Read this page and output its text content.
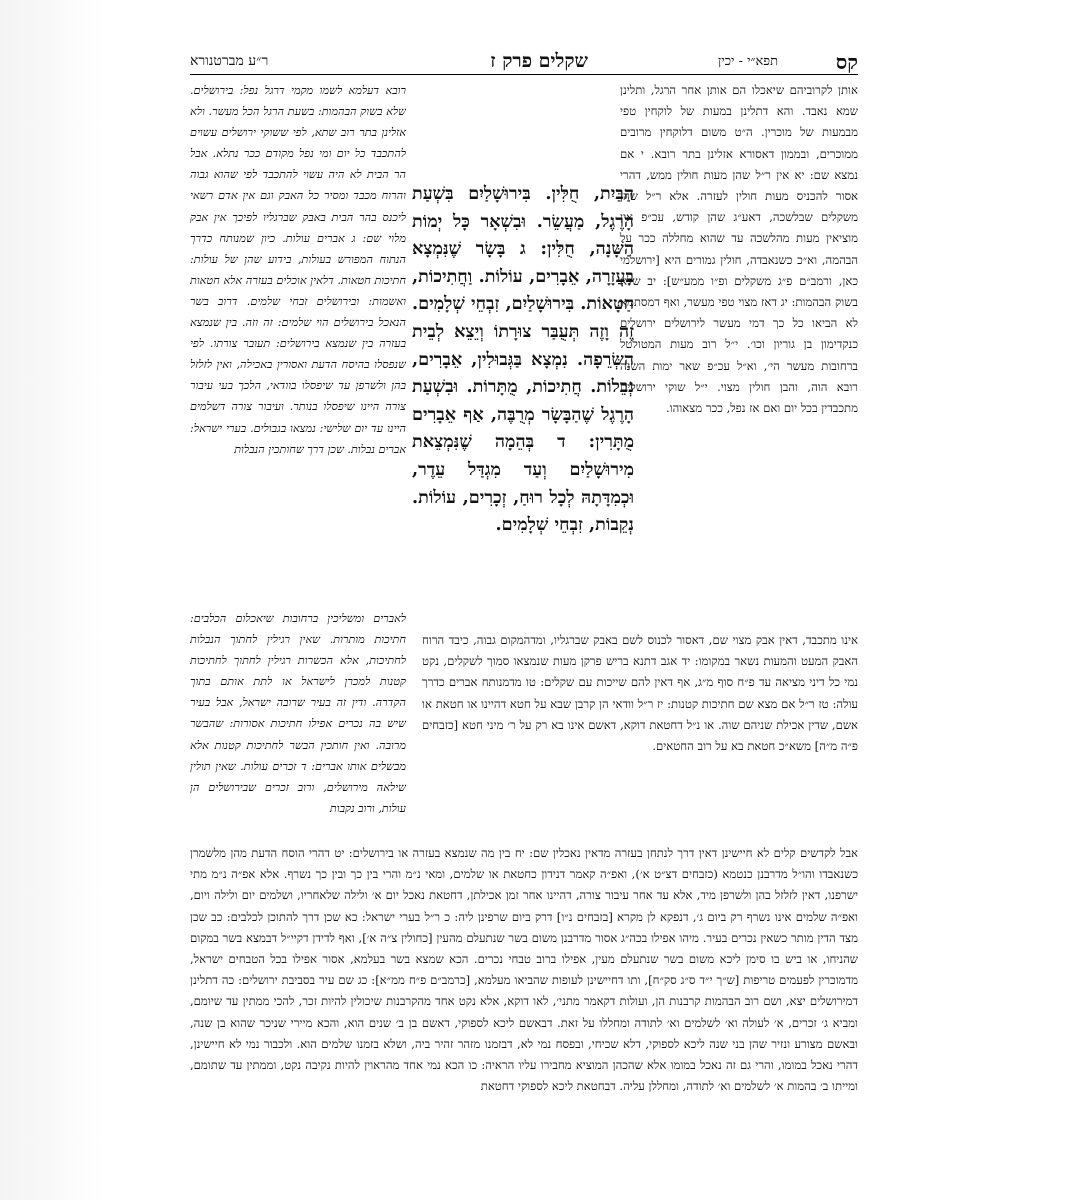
קס
תפא״י - יכין
שקלים פרק ז
ר״ע מברטנורא

אותן לקרוביהם שיאכלו הם אותן אחר הרגל, ותלינן שמא נאבד. והא דתלינן במעות של לוקחין טפי מבמעות של מוכרין. ה״ט משום דלוקחין מרובים ממוכרים, ובממון דאסורא אזלינן בתר רובא. י אם נמצא שם: יא אין ר״ל שהן מעות חולין ממש, דהרי אסור להכניס מעות חולין לעזרה. אלא ר״ל שהן משקלים שבלשכה, דאע״ג שהן קודש, עכ״פ אין מוציאין מעות מהלשכה עד שהוא מחללה ככר על הבהמה, וא״כ כשנאבדה, חולין גמורים היא [ירושלמי כאן, ורמב״ם פ״ג משקלים ופ״ו ממע״ש]: יב שלא בשוק הבהמות: יג דאז מצוי טפי מעשר, ואף דמסתמא לא הביאו כל כך דמי מעשר לירושלים ירושלים כנקדימון בן גוריון וכו׳. י״ל רוב מעות המטולטל ברחובות מעשר הי׳, וא״ל עכ״פ שאר ימות השנה רובא הוה, והבן חולין מצוי. י״ל שוקי ירושלים מתכבדין בכל יום ואם אז נפל, ככר מצאוהו.

רובא דעלמא לשמו מקמי דרגל נפל: בירושלים. שלא בשוק הבהמות: בשעת הרגל הכל מעשר. ולא אזלינן בתר רוב שתא, לפי ששוקי ירושלים עשוים להתכבד כל יום ומי נפל מקודם ככר נתלא. אבל הר הבית לא היה עשוי להתכבד לפי שהוא גבוה והרוח מכבד ומסיר כל האבק וגם אין אדם רשאי ליכנס בהר הבית באבק שברגליו לפיכך אין אבק מלוי שם: ג אברים עולות. כיון שמנותח כדרך הנתוח המפורש בעולות, בידוע שהן של עולות: חתיכות חטאות. דלאין אוכלים בעזרה אלא חטאות ואשמות: ובירושלים זבחי שלמים. דרוב בשר הנאכל בירושלים הוי שלמים: זה וזה. בין שנמצא בעזרה בין שנמצא בירושלים: תעובר צורתו. לפי שנפסלו בהיסח הדעת ואסורין באכילה, ואין לזלזל בהן ולשרפן עד שיפסלו בוודאי, הלכך בעי עיבור צורה היינו שיפסלו בנותר. ועיבור צורה דשלמים היינו עד יום שלישי: נמצאו בגבולים. בערי ישראל: אברים נבלות. שכן דרך שחותכין הנבלות

הַבַּיִת, חֻלִּין. בִּירוּשָׁלַיִם בִּשְׁעַת הָרֶגֶל, מַעֲשֵׂר. וּבִשְׁאָר כָּל יְמוֹת הַשָּׁנָה, חֻלִּין: ג בָּשָׂר שֶׁנִּמְצָא בָעֲזָרָה, אֵבָרִים, עוֹלוֹת. וַחֲתִיכוֹת, חַטָּאוֹת. בִּירוּשָׁלַיִם, זִבְחֵי שְׁלָמִים. זֶה וָזֶה תְּעֻבַּר צוּרָתוֹ וְיֵצֵא לְבֵית הַשְּׂרֵפָה. נִמְצָא בַּגְּבוּלִין, אֵבָרִים, נְבֵלוֹת. חֲתִיכוֹת, מֻתָּרוֹת. וּבִשְׁעַת הָרֶגֶל שֶׁהַבָּשָׂר מְרֻבֶּה, אַף אֵבָרִים מֻתָּרִין: ד בְּהֵמָה שֶׁנִּמְצֵאת מִירוּשָׁלַיִם וְעַד מִגְדַּל עֵדֶר, וּכְמִדָּתָהּ לְכָל רוּחַ, זְכָרִים, עוֹלוֹת. נְקֵבוֹת, זִבְחֵי שְׁלָמִים.

אינו מתכבד, דאין אבק מצוי שם, דאסור לכנוס לשם באבק שברגליו, ומדהמקום גבוה, כיבד הרוח האבק המעט והמעות נשאר במקומו: יד אגב דתנא בריש פרקן מעות שנמצאו סמוך לשקלים, נקט נמי כל דיני מציאה עד פ״ח סוף מ״ג, אף דאין להם שייכות עם שקלים: טו מדמנותח אברים כדרך עולה: טז ר״ל אם מצא שם חתיכות קטנות: יז ר״ל וודאי הן קרבן שבא על חטא דהיינו או חטאת או אשם, שדין אכילת שניהם שוה. או נ״ל דחטאת דוקא, דאשם אינו בא רק על ר׳ מיני חטא [כזבחים פ״ה מ״ה] משא״כ חטאת בא על רוב החטאים.

לאברים ומשליכין ברחובות שיאכלום הכלבים: חתיכות מותרות. שאין רגילין לחתוך הנבלות לחתיכות, אלא הכשרות רגילין לחתוך לחתיכות קטנות למכרן לישראל או לתת אותם בתוך הקדרה. ודין זה בעיר שרובה ישראל, אבל בעיר שיש בה נכרים אפילו חתיכות אסורות: שהבשר מרובה. ואין חותכין הבשר לחתיכות קטנות אלא מבשלים אותו אברים: ד זכרים עולות. שאין תולין שילאה מירושלים, ורוב זכרים שבירושלים הן עולות, ורוב נקבות

אבל לקדשים קלים לא חיישינן דאין דרך לנתחן בעזרה מדאין נאכלין שם: יח בין מה שנמצא בעזרה או בירושלים: יט דהרי הוסח הדעת מהן מלשמרן כשנאבדו והו״ל מדרבנן כנטמא (כזבחים דצ״ט א׳), ואפ״ה קאמר דנידון כחטאת או שלמים, ומאי נ״מ והרי בין כך ובין כך נשרף. אלא אפ״ה נ״מ מתי ישרפנו, דאין לזלזל בהן ולשרפן מיד, אלא עד אחר עיבור צורה, דהיינו אחר זמן אכילתן, דחטאת נאכל יום א׳ ולילה שלאחריו, ושלמים יום ולילה ויום, ואפ״ה שלמים אינו נשרף רק ביום ג׳, דנפקא לן מקרא [בזבחים נ״ו] דרק ביום שרפינן ליה: כ ר״ל בערי ישראל: כא שכן דרך להתוכן לכלבים: כב שכן מצד הדין מותר כשאין נכרים בעיר. מיהו אפילו בכה״ג אסור מדרבנן משום בשר שנתעלם מהעין [כחולין צ״ה א׳], ואף לדידן דקיי״ל דבמצא בשר במקום שהניחו, או ביש בו סימן ליכא משום בשר שנתעלם מעין, אפילו ברוב טבחי נכרים. הכא שמצא בשר בעלמא, אסור אפילו בכל הטבחים ישראל, מדמוכרין לפעמים טריפות [ש״ך י״ד ס״ג סק״ח], ותו דחיישינן לעופות שהביאו מעלמא, [כרמב״ם פ״ח ממ״א]: כג שם עיר בסביבת ירושלים: כה דתלינן דמירושלים יצא, ושם רוב הבהמות קרבנות הן, ועולות דקאמר מתני׳, לאו דוקא, אלא נקט אחד מהקרבנות שיכולין להיות זכר, להכי ממתין עד שיומם, ומביא ג׳ זכרים, א׳ לעולה וא׳ לשלמים וא׳ לתודה ומחללו על זאת. דבאשם ליכא לספוקי, דאשם בן ב׳ שנים הוא, והכא מיירי שניכר שהוא בן שנה, ובאשם מצורע ונזיר שהן בני שנה ליכא לספוקי, דלא שכיחי, ובפסח נמי לא, דבזמנו מזהר זהיר ביה, ושלא בזמנו שלמים הוא. ולכבור נמי לא חיישינן, דהרי נאכל במומו, והרי גם זה נאכל במומו אלא שהכהן המוציא מחבירו עליו הראיה: כו הכא נמי אחד מהראוין להיות נקיבה נקט, וממתין עד שתומם, ומייתו ב׳ בהמות א׳ לשלמים וא׳ לתודה, ומחללן עליה. דבחטאת ליכא לספוקי דחטאת
